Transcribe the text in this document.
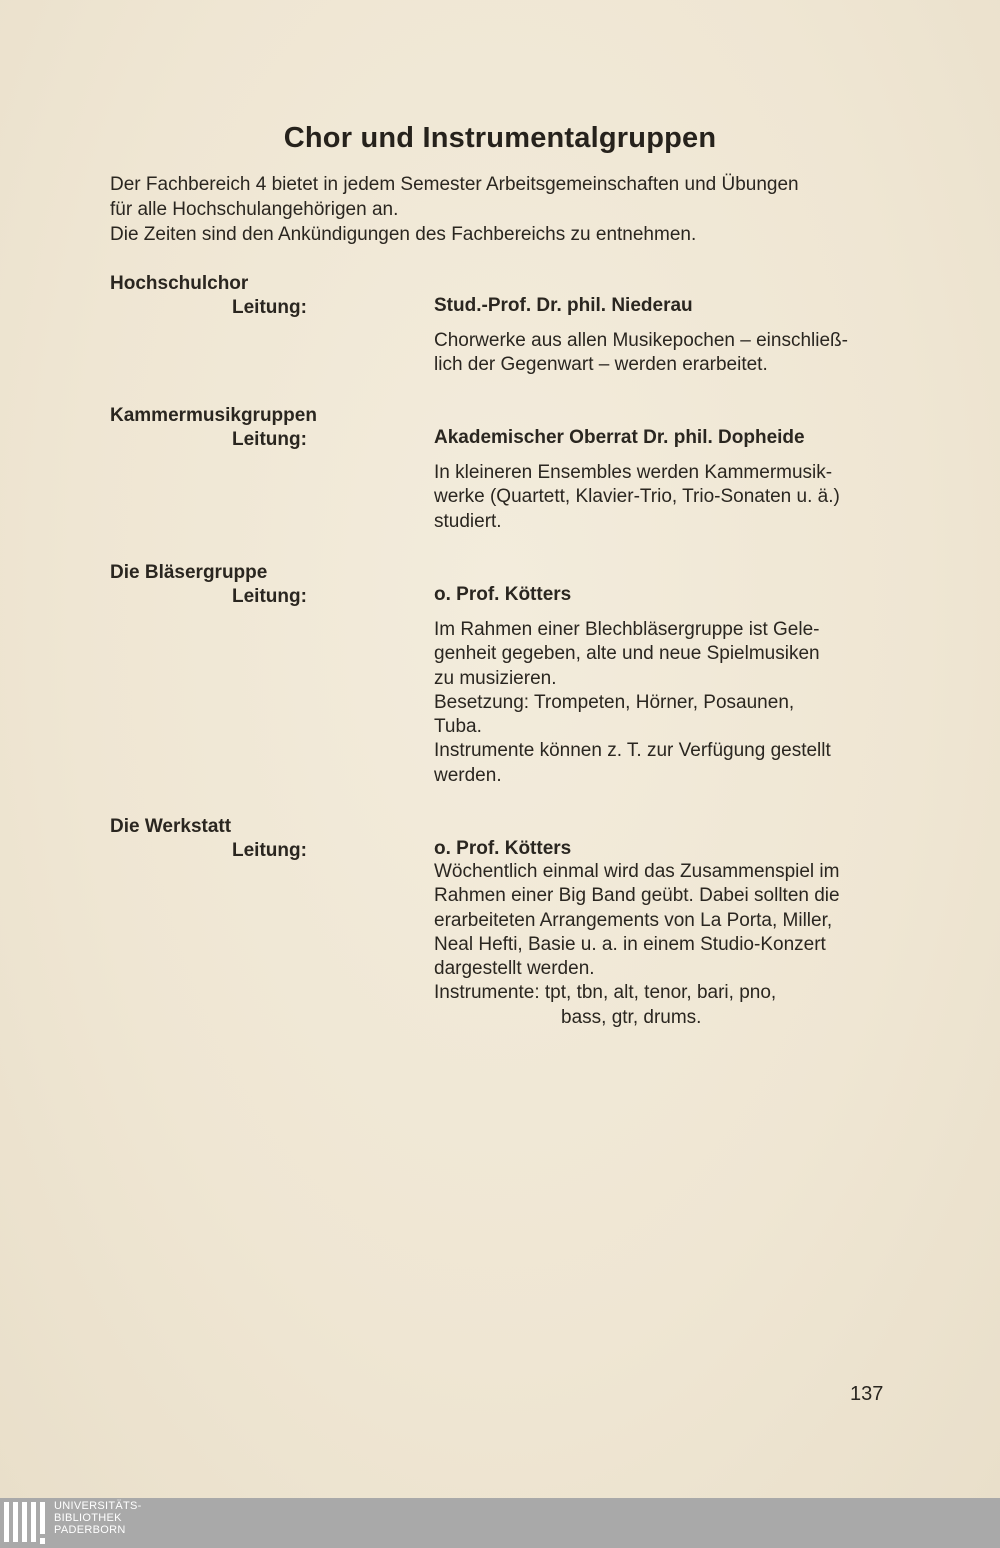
Chor und Instrumentalgruppen
Der Fachbereich 4 bietet in jedem Semester Arbeitsgemeinschaften und Übungen
für alle Hochschulangehörigen an.
Die Zeiten sind den Ankündigungen des Fachbereichs zu entnehmen.
Hochschulchor
Leitung:	Stud.-Prof. Dr. phil. Niederau
Chorwerke aus allen Musikepochen – einschließ-
lich der Gegenwart – werden erarbeitet.
Kammermusikgruppen
Leitung:	Akademischer Oberrat Dr. phil. Dopheide
In kleineren Ensembles werden Kammermusik-
werke (Quartett, Klavier-Trio, Trio-Sonaten u. ä.)
studiert.
Die Bläsergruppe
Leitung:	o. Prof. Kötters
Im Rahmen einer Blechbläsergruppe ist Gele-
genheit gegeben, alte und neue Spielmusiken
zu musizieren.
Besetzung: Trompeten, Hörner, Posaunen,
Tuba.
Instrumente können z. T. zur Verfügung gestellt
werden.
Die Werkstatt
Leitung:	o. Prof. Kötters
Wöchentlich einmal wird das Zusammenspiel im
Rahmen einer Big Band geübt. Dabei sollten die
erarbeiteten Arrangements von La Porta, Miller,
Neal Hefti, Basie u. a. in einem Studio-Konzert
dargestellt werden.
Instrumente: tpt, tbn, alt, tenor, bari, pno,
bass, gtr, drums.
137
UNIVERSITÄTS-
BIBLIOTHEK
PADERBORN
